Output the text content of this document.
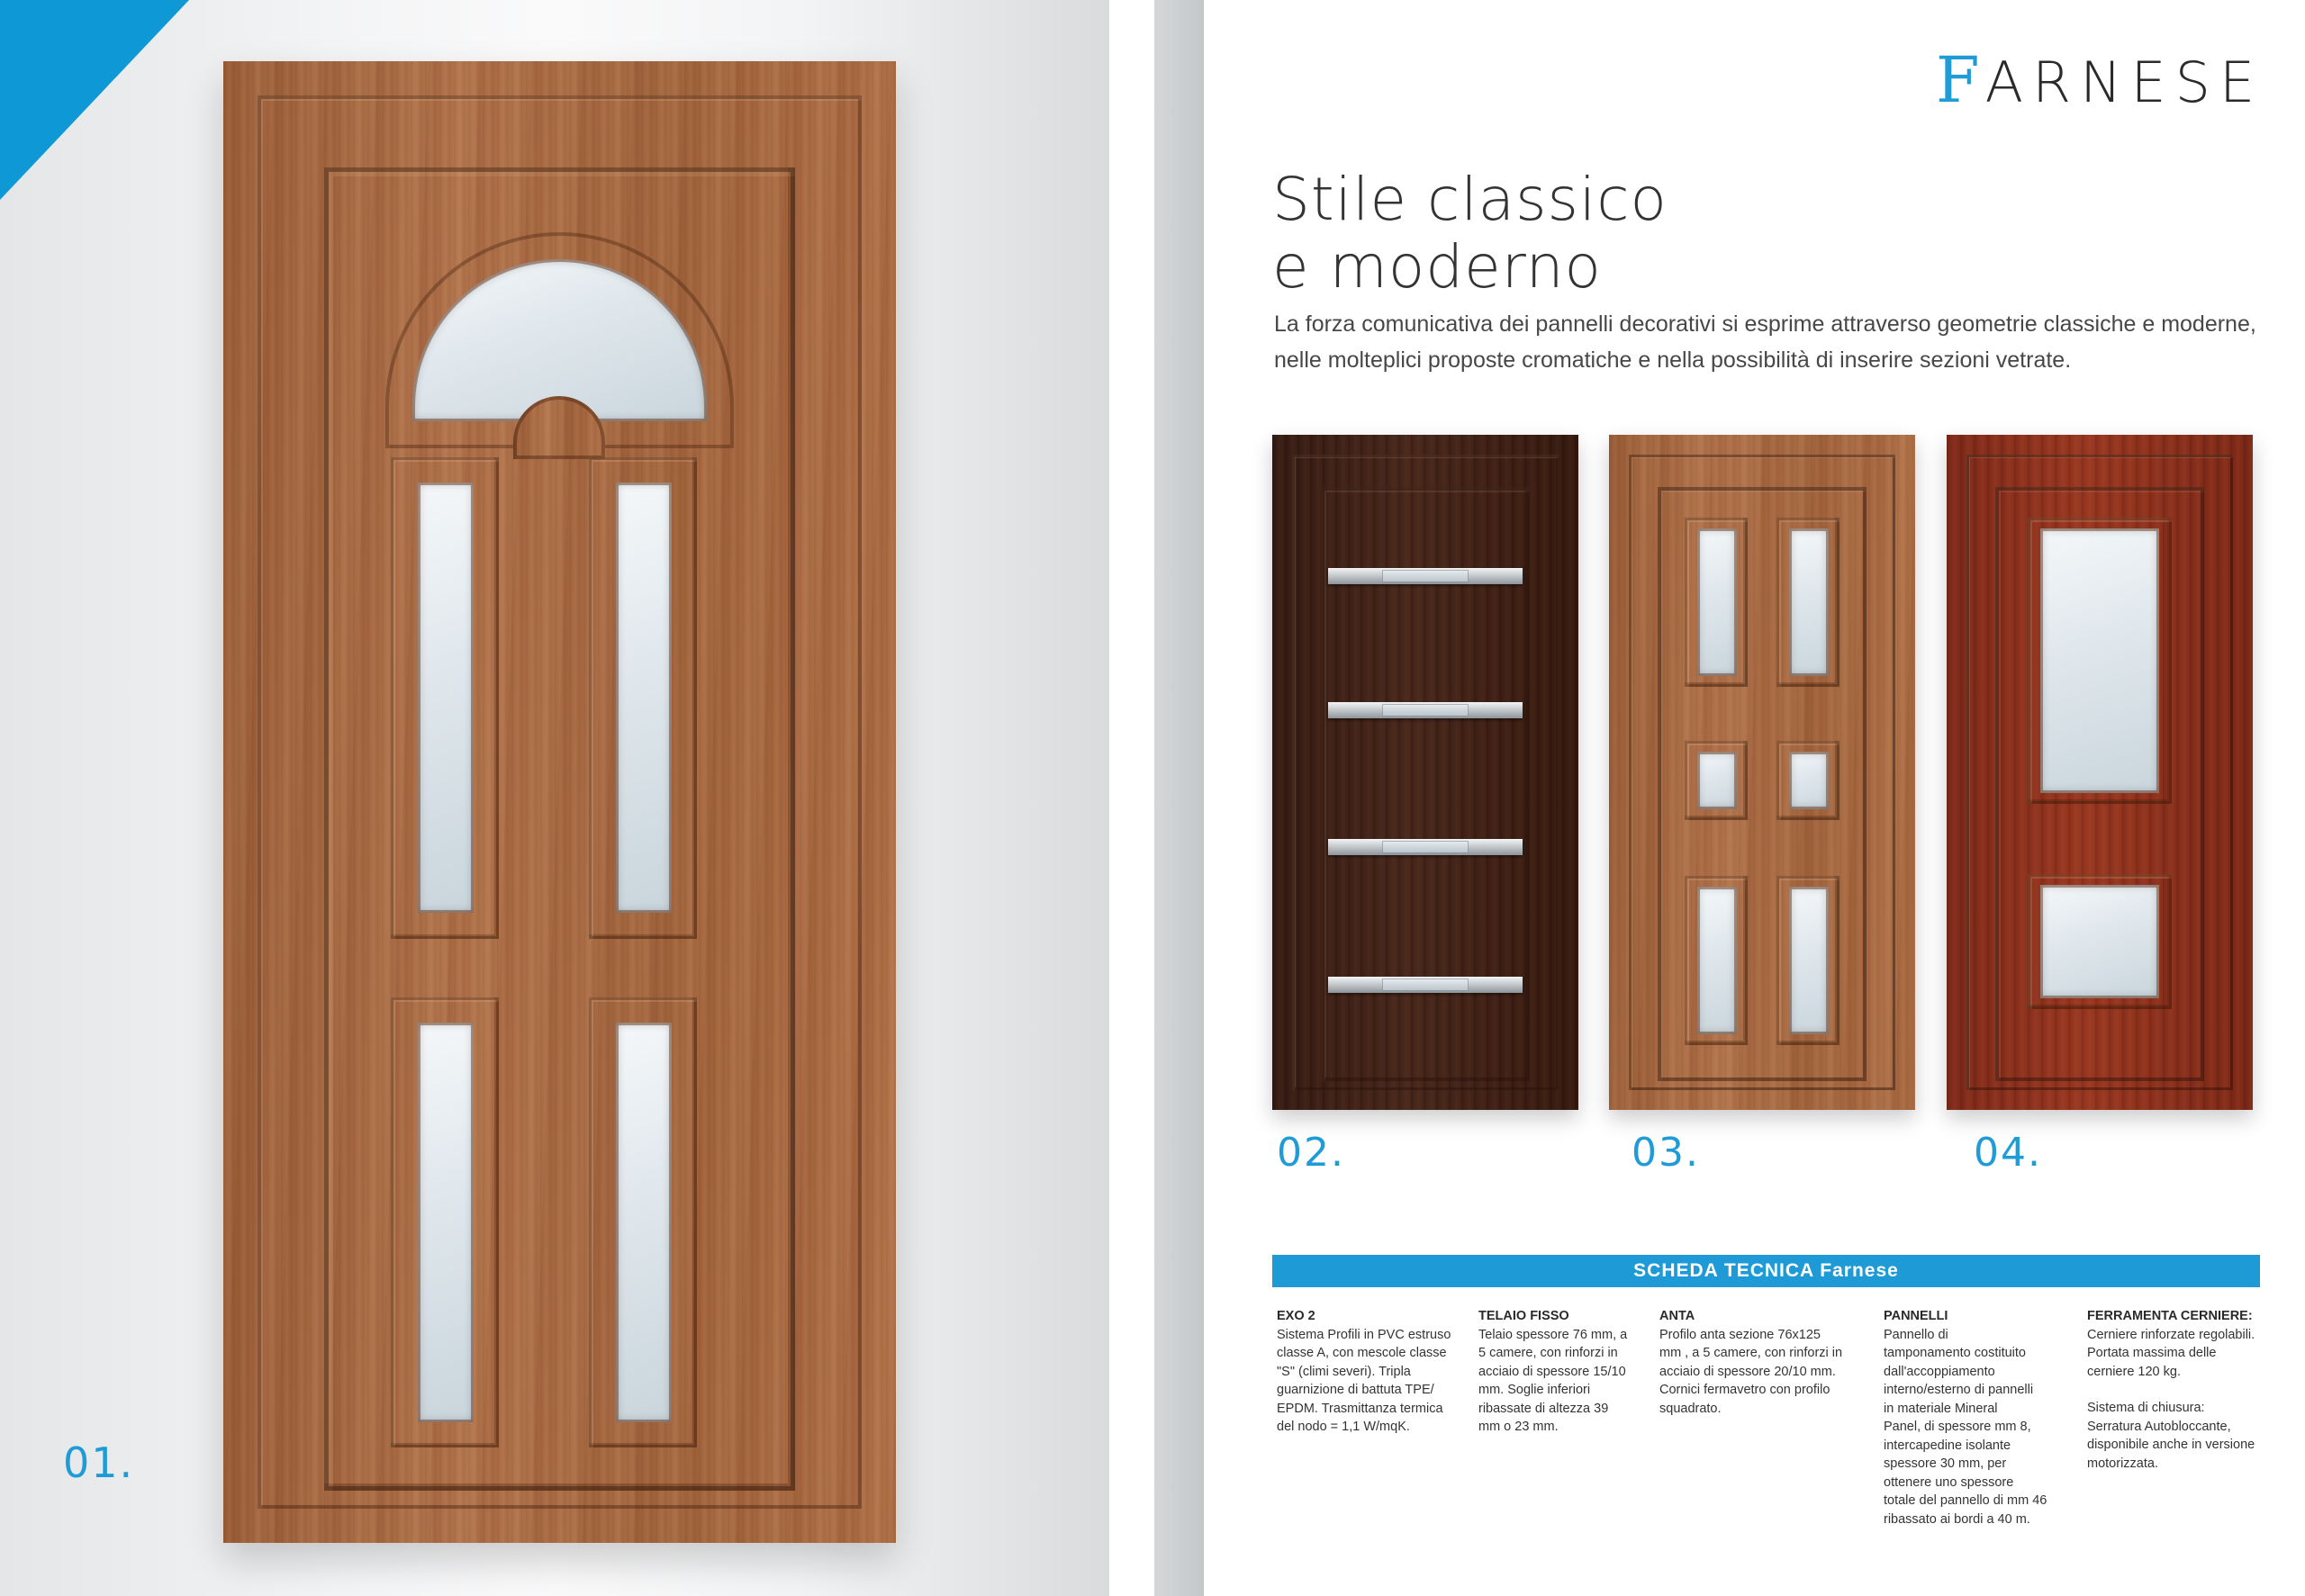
01.
FARNESE
Stile classico
e moderno
La forza comunicativa dei pannelli decorativi si esprime attraverso geometrie classiche e moderne, nelle molteplici proposte cromatiche e nella possibilità di inserire sezioni vetrate.
02.	03.	04.
SCHEDA TECNICA Farnese
EXO 2
Sistema Profili in PVC estruso
classe A, con mescole classe
"S" (climi severi). Tripla
guarnizione di battuta TPE/
EPDM. Trasmittanza termica
del nodo = 1,1 W/mqK.
TELAIO FISSO
Telaio spessore 76 mm, a
5 camere, con rinforzi in
acciaio di spessore 15/10
mm. Soglie inferiori
ribassate di altezza 39
mm o 23 mm.
ANTA
Profilo anta sezione 76x125
mm , a 5 camere, con rinforzi in
acciaio di spessore 20/10 mm.
Cornici fermavetro con profilo
squadrato.
PANNELLI
Pannello di
tamponamento costituito
dall'accoppiamento
interno/esterno di pannelli
in materiale Mineral
Panel, di spessore mm 8,
intercapedine isolante
spessore 30 mm, per
ottenere uno spessore
totale del pannello di mm 46
ribassato ai bordi a 40 m.
FERRAMENTA CERNIERE:
Cerniere rinforzate regolabili.
Portata massima delle
cerniere 120 kg.
Sistema di chiusura:
Serratura Autobloccante,
disponibile anche in versione
motorizzata.
